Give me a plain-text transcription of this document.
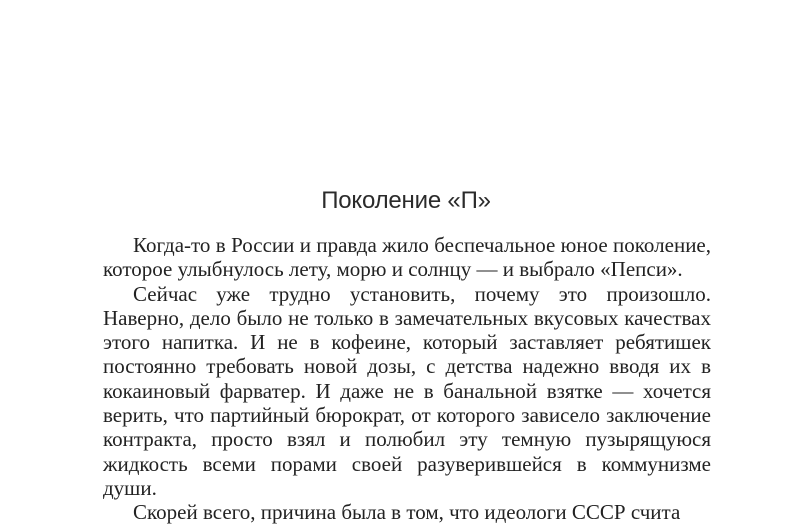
Поколение «П»

Когда-то в России и правда жило беспечальное юное поколение, которое улыбнулось лету, морю и солнцу — и выбрало «Пепси».

Сейчас уже трудно установить, почему это произошло. Наверно, дело было не только в замечательных вкусовых качествах этого напитка. И не в кофеине, который заставляет ребятишек постоянно требовать новой дозы, с детства надежно вводя их в кокаиновый фарватер. И даже не в банальной взятке — хочется верить, что партийный бюрократ, от которого зависело заключение контракта, просто взял и полюбил эту темную пузырящуюся жидкость всеми порами своей разуверившейся в коммунизме души.

Скорей всего, причина была в том, что идеологи СССР счита
